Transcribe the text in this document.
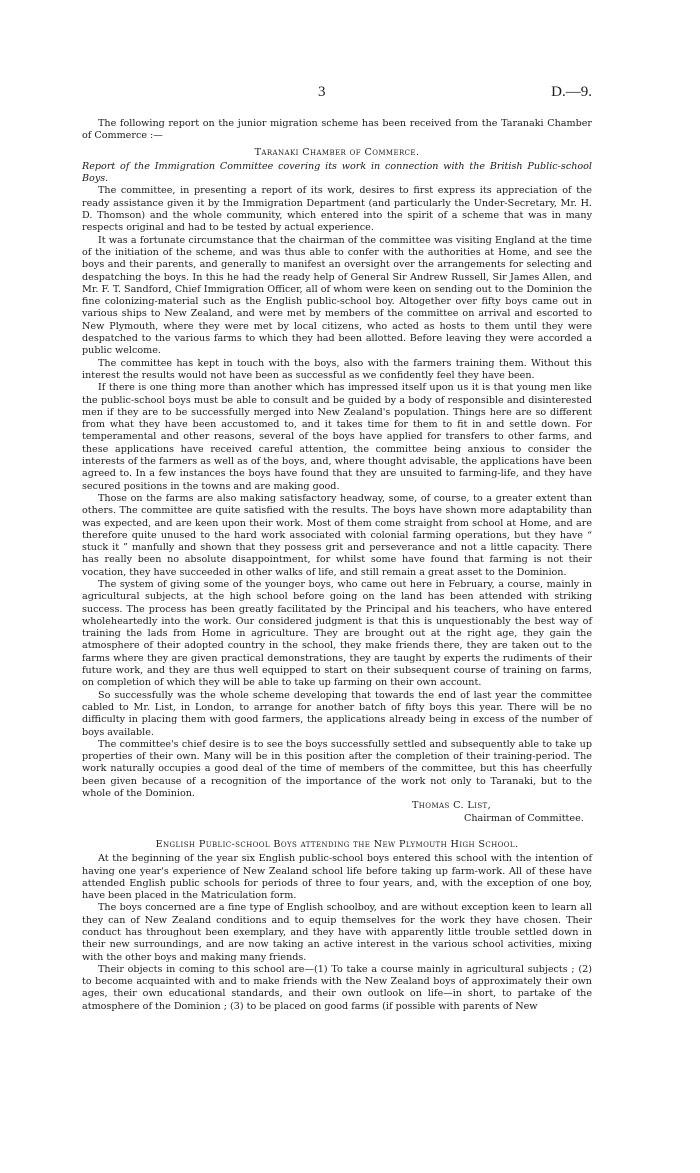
3	D.—9.

The following report on the junior migration scheme has been received from the Taranaki Chamber of Commerce :—

Taranaki Chamber of Commerce.

Report of the Immigration Committee covering its work in connection with the British Public-school Boys.

The committee, in presenting a report of its work, desires to first express its appreciation of the ready assistance given it by the Immigration Department (and particularly the Under-Secretary, Mr. H. D. Thomson) and the whole community, which entered into the spirit of a scheme that was in many respects original and had to be tested by actual experience.

It was a fortunate circumstance that the chairman of the committee was visiting England at the time of the initiation of the scheme, and was thus able to confer with the authorities at Home, and see the boys and their parents, and generally to manifest an oversight over the arrangements for selecting and despatching the boys. In this he had the ready help of General Sir Andrew Russell, Sir James Allen, and Mr. F. T. Sandford, Chief Immigration Officer, all of whom were keen on sending out to the Dominion the fine colonizing-material such as the English public-school boy. Altogether over fifty boys came out in various ships to New Zealand, and were met by members of the committee on arrival and escorted to New Plymouth, where they were met by local citizens, who acted as hosts to them until they were despatched to the various farms to which they had been allotted. Before leaving they were accorded a public welcome.

The committee has kept in touch with the boys, also with the farmers training them. Without this interest the results would not have been as successful as we confidently feel they have been.

If there is one thing more than another which has impressed itself upon us it is that young men like the public-school boys must be able to consult and be guided by a body of responsible and disinterested men if they are to be successfully merged into New Zealand's population. Things here are so different from what they have been accustomed to, and it takes time for them to fit in and settle down. For temperamental and other reasons, several of the boys have applied for transfers to other farms, and these applications have received careful attention, the committee being anxious to consider the interests of the farmers as well as of the boys, and, where thought advisable, the applications have been agreed to. In a few instances the boys have found that they are unsuited to farming-life, and they have secured positions in the towns and are making good.

Those on the farms are also making satisfactory headway, some, of course, to a greater extent than others. The committee are quite satisfied with the results. The boys have shown more adaptability than was expected, and are keen upon their work. Most of them come straight from school at Home, and are therefore quite unused to the hard work associated with colonial farming operations, but they have “ stuck it ” manfully and shown that they possess grit and perseverance and not a little capacity. There has really been no absolute disappointment, for whilst some have found that farming is not their vocation, they have succeeded in other walks of life, and still remain a great asset to the Dominion.

The system of giving some of the younger boys, who came out here in February, a course, mainly in agricultural subjects, at the high school before going on the land has been attended with striking success. The process has been greatly facilitated by the Principal and his teachers, who have entered wholeheartedly into the work. Our considered judgment is that this is unquestionably the best way of training the lads from Home in agriculture. They are brought out at the right age, they gain the atmosphere of their adopted country in the school, they make friends there, they are taken out to the farms where they are given practical demonstrations, they are taught by experts the rudiments of their future work, and they are thus well equipped to start on their subsequent course of training on farms, on completion of which they will be able to take up farming on their own account.

So successfully was the whole scheme developing that towards the end of last year the committee cabled to Mr. List, in London, to arrange for another batch of fifty boys this year. There will be no difficulty in placing them with good farmers, the applications already being in excess of the number of boys available.

The committee's chief desire is to see the boys successfully settled and subsequently able to take up properties of their own. Many will be in this position after the completion of their training-period. The work naturally occupies a good deal of the time of members of the committee, but this has cheerfully been given because of a recognition of the importance of the work not only to Taranaki, but to the whole of the Dominion.

Thomas C. List,

Chairman of Committee.

English Public-school Boys attending the New Plymouth High School.

At the beginning of the year six English public-school boys entered this school with the intention of having one year's experience of New Zealand school life before taking up farm-work. All of these have attended English public schools for periods of three to four years, and, with the exception of one boy, have been placed in the Matriculation form.

The boys concerned are a fine type of English schoolboy, and are without exception keen to learn all they can of New Zealand conditions and to equip themselves for the work they have chosen. Their conduct has throughout been exemplary, and they have with apparently little trouble settled down in their new surroundings, and are now taking an active interest in the various school activities, mixing with the other boys and making many friends.

Their objects in coming to this school are—(1) To take a course mainly in agricultural subjects ; (2) to become acquainted with and to make friends with the New Zealand boys of approximately their own ages, their own educational standards, and their own outlook on life—in short, to partake of the atmosphere of the Dominion ; (3) to be placed on good farms (if possible with parents of New
